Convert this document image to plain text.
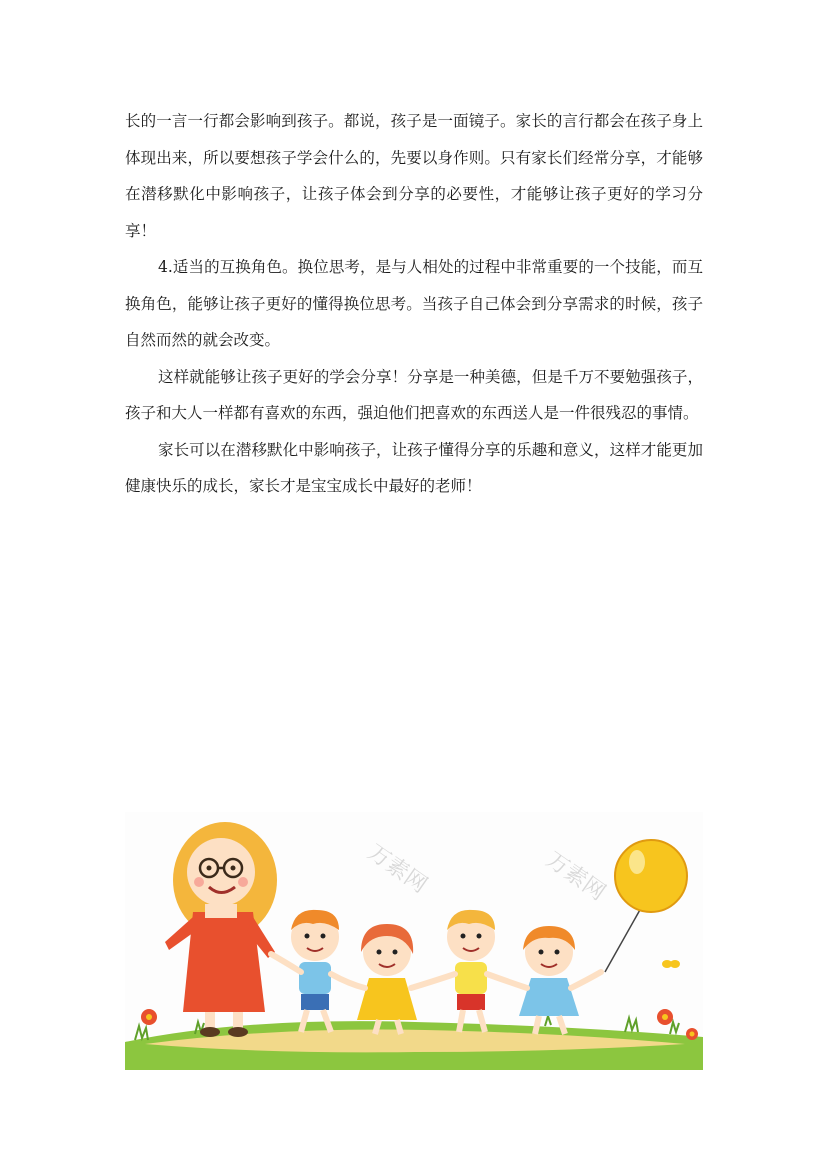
长的一言一行都会影响到孩子。都说，孩子是一面镜子。家长的言行都会在孩子身上体现出来，所以要想孩子学会什么的，先要以身作则。只有家长们经常分享，才能够在潜移默化中影响孩子，让孩子体会到分享的必要性，才能够让孩子更好的学习分享！

4.适当的互换角色。换位思考，是与人相处的过程中非常重要的一个技能，而互换角色，能够让孩子更好的懂得换位思考。当孩子自己体会到分享需求的时候，孩子自然而然的就会改变。

这样就能够让孩子更好的学会分享！分享是一种美德，但是千万不要勉强孩子，孩子和大人一样都有喜欢的东西，强迫他们把喜欢的东西送人是一件很残忍的事情。

家长可以在潜移默化中影响孩子，让孩子懂得分享的乐趣和意义，这样才能更加健康快乐的成长，家长才是宝宝成长中最好的老师！

万素网	万素网
